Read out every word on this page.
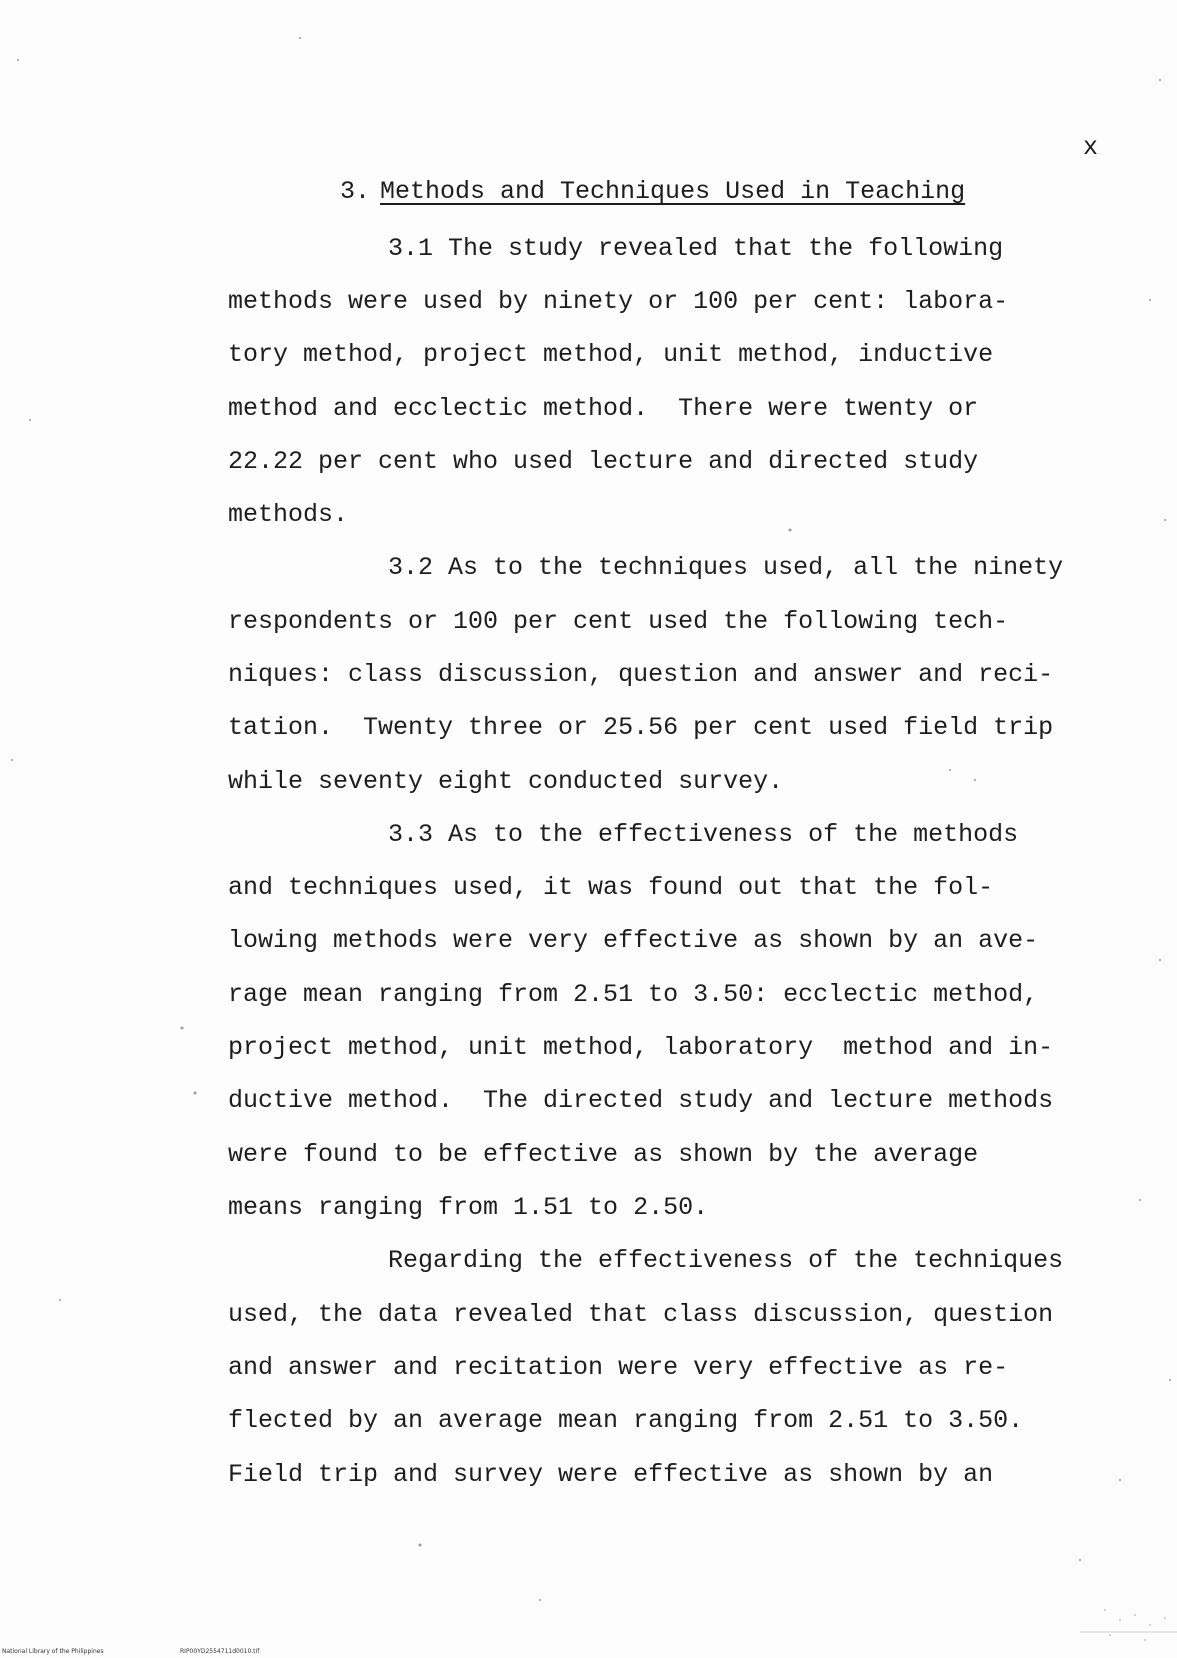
x
3. Methods and Techniques Used in Teaching
3.1 The study revealed that the following
methods were used by ninety or 100 per cent: labora-
tory method, project method, unit method, inductive
method and ecclectic method.  There were twenty or
22.22 per cent who used lecture and directed study
methods.
3.2 As to the techniques used, all the ninety
respondents or 100 per cent used the following tech-
niques: class discussion, question and answer and reci-
tation.  Twenty three or 25.56 per cent used field trip
while seventy eight conducted survey.
3.3 As to the effectiveness of the methods
and techniques used, it was found out that the fol-
lowing methods were very effective as shown by an ave-
rage mean ranging from 2.51 to 3.50: ecclectic method,
project method, unit method, laboratory  method and in-
ductive method.  The directed study and lecture methods
were found to be effective as shown by the average
means ranging from 1.51 to 2.50.
Regarding the effectiveness of the techniques
used, the data revealed that class discussion, question
and answer and recitation were very effective as re-
flected by an average mean ranging from 2.51 to 3.50.
Field trip and survey were effective as shown by an
National Library of the Philippines	RIP00YD2554711d0010.tif
